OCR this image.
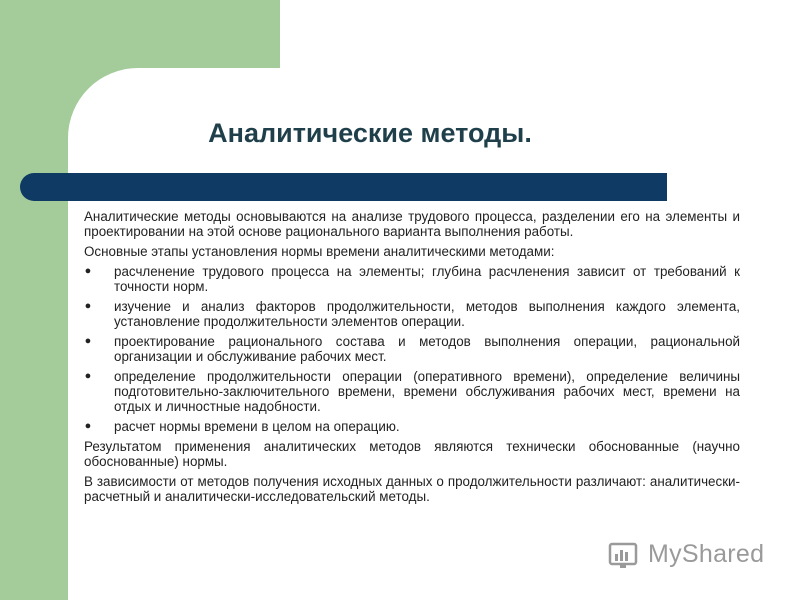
Аналитические методы.

Аналитические методы основываются на анализе трудового процесса, разделении его на элементы и проектировании на этой основе рационального варианта выполнения работы.

Основные этапы установления нормы времени аналитическими методами:

● расчленение трудового процесса на элементы; глубина расчленения зависит от требований к точности норм.
● изучение и анализ факторов продолжительности, методов выполнения каждого элемента, установление продолжительности элементов операции.
● проектирование рационального состава и методов выполнения операции, рациональной организации и обслуживание рабочих мест.
● определение продолжительности операции (оперативного времени), определение величины подготовительно-заключительного времени, времени обслуживания рабочих мест, времени на отдых и личностные надобности.
● расчет нормы времени в целом на операцию.

Результатом применения аналитических методов являются технически обоснованные (научно обоснованные) нормы.

В зависимости от методов получения исходных данных о продолжительности различают: аналитически-расчетный и аналитически-исследовательский методы.

MyShared
